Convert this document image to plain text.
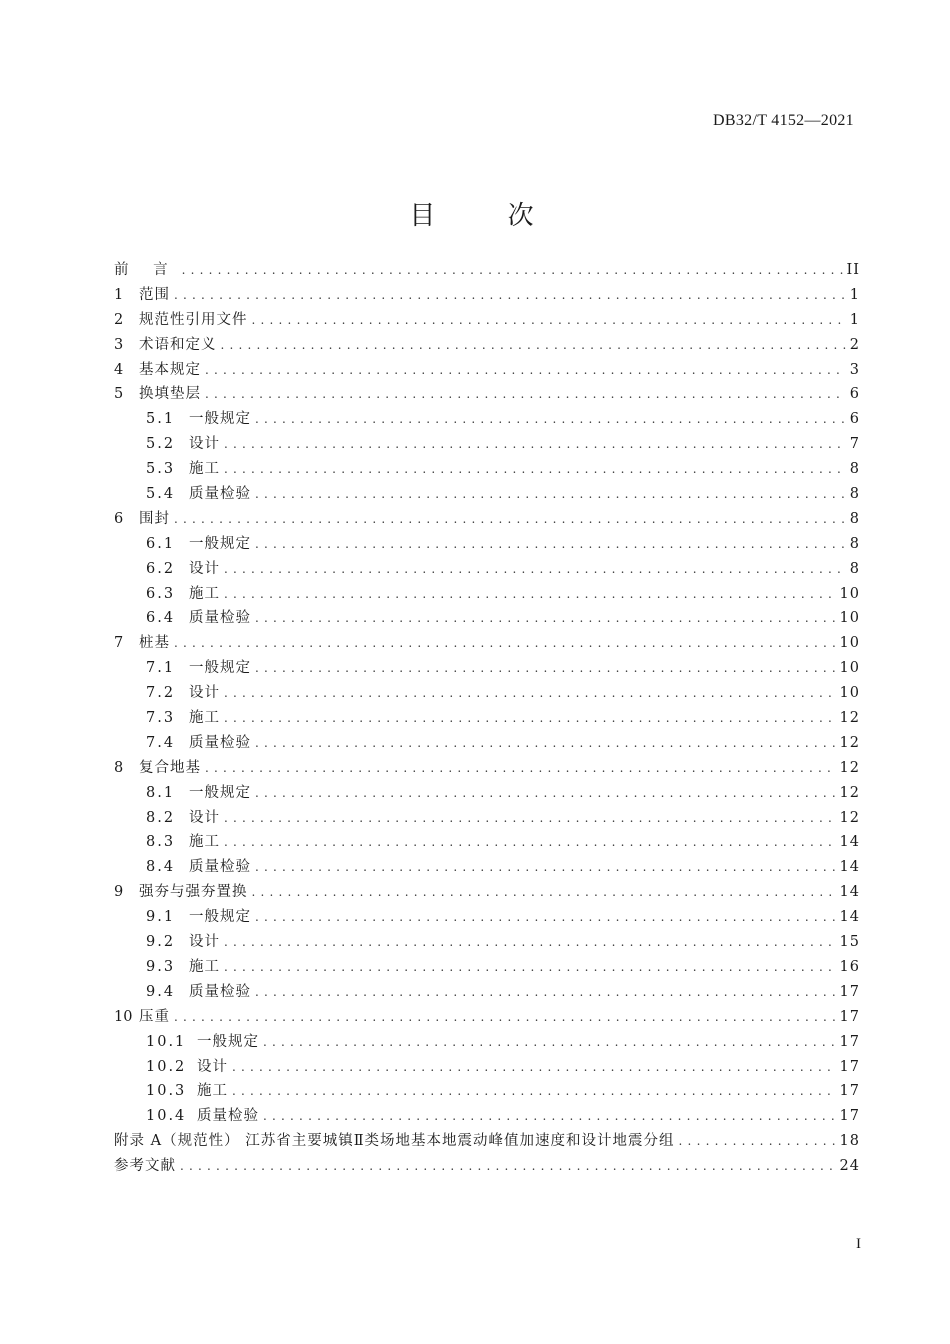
DB32/T 4152—2021
目 次
前 言 .....	II
1	范围 .....	1
2	规范性引用文件 .....	1
3	术语和定义 .....	2
4	基本规定 .....	3
5	换填垫层 .....	6
5.1 一般规定 .....	6
5.2 设计 .....	7
5.3 施工 .....	8
5.4 质量检验 .....	8
6	围封 .....	8
6.1 一般规定 .....	8
6.2 设计 .....	8
6.3 施工 .....	10
6.4 质量检验 .....	10
7	桩基 .....	10
7.1 一般规定 .....	10
7.2 设计 .....	10
7.3 施工 .....	12
7.4 质量检验 .....	12
8	复合地基 .....	12
8.1 一般规定 .....	12
8.2 设计 .....	12
8.3 施工 .....	14
8.4 质量检验 .....	14
9	强夯与强夯置换 .....	14
9.1 一般规定 .....	14
9.2 设计 .....	15
9.3 施工 .....	16
9.4 质量检验 .....	17
10 压重 .....	17
10.1 一般规定 .....	17
10.2 设计 .....	17
10.3 施工 .....	17
10.4 质量检验 .....	17
附录 A（规范性） 江苏省主要城镇Ⅱ类场地基本地震动峰值加速度和设计地震分组 .....	18
参考文献 .....	24
I
